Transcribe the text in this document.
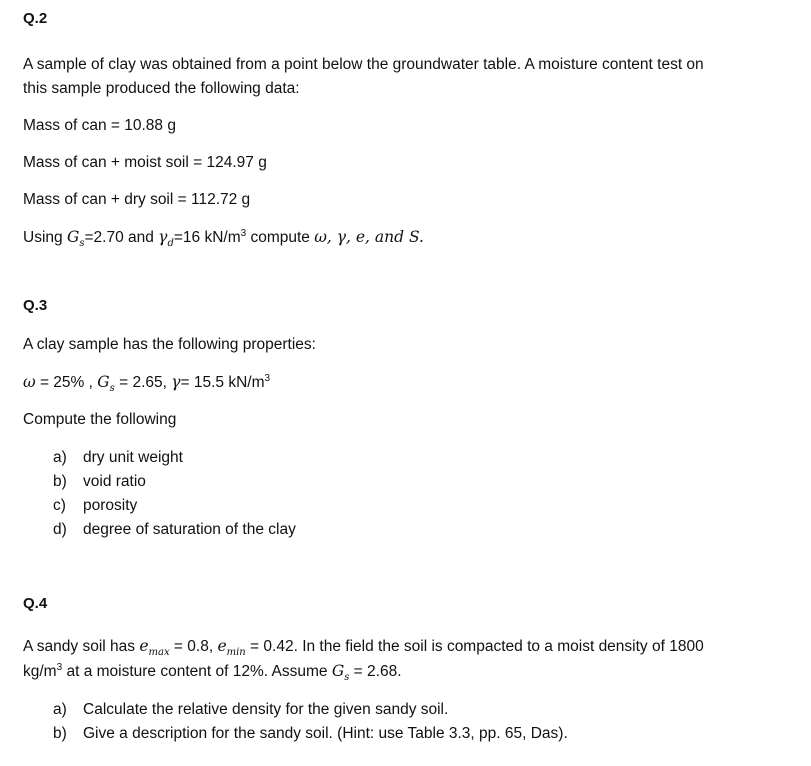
Q.2

A sample of clay was obtained from a point below the groundwater table. A moisture content test on
this sample produced the following data:

Mass of can = 10.88 g

Mass of can + moist soil = 124.97 g

Mass of can + dry soil = 112.72 g

Using $G_s=2.70$ and $\gamma_d=16$ $kN/m^3$ compute ω, γ, e, and S.

Q.3

A clay sample has the following properties:

ω = 25% , $G_s = 2.65$, γ= 15.5 $kN/m^3$

Compute the following

a)	dry unit weight
b)	void ratio
c)	porosity
d)	degree of saturation of the clay

Q.4

A sandy soil has $e_{max} = 0.8$, $e_{min} = 0.42$. In the field the soil is compacted to a moist density of 1800
$kg/m^3$ at a moisture content of 12%. Assume $G_s = 2.68$.

a)	Calculate the relative density for the given sandy soil.
b)	Give a description for the sandy soil. (Hint: use Table 3.3, pp. 65, Das).
